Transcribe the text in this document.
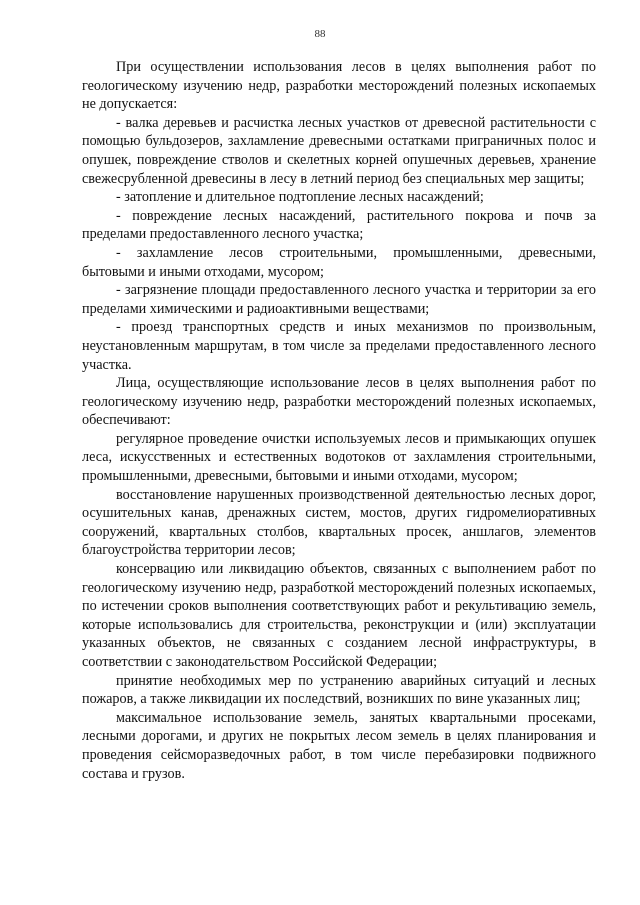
88

При осуществлении использования лесов в целях выполнения работ по геологическому изучению недр, разработки месторождений полезных ископаемых не допускается:

- валка деревьев и расчистка лесных участков от древесной растительности с помощью бульдозеров, захламление древесными остатками приграничных полос и опушек, повреждение стволов и скелетных корней опушечных деревьев, хранение свежесрубленной древесины в лесу в летний период без специальных мер защиты;

- затопление и длительное подтопление лесных насаждений;

- повреждение лесных насаждений, растительного покрова и почв за пределами предоставленного лесного участка;

- захламление лесов строительными, промышленными, древесными, бытовыми и иными отходами, мусором;

- загрязнение площади предоставленного лесного участка и территории за его пределами химическими и радиоактивными веществами;

- проезд транспортных средств и иных механизмов по произвольным, неустановленным маршрутам, в том числе за пределами предоставленного лесного участка.

Лица, осуществляющие использование лесов в целях выполнения работ по геологическому изучению недр, разработки месторождений полезных ископаемых, обеспечивают:

регулярное проведение очистки используемых лесов и примыкающих опушек леса, искусственных и естественных водотоков от захламления строительными, промышленными, древесными, бытовыми и иными отходами, мусором;

восстановление нарушенных производственной деятельностью лесных дорог, осушительных канав, дренажных систем, мостов, других гидромелиоративных сооружений, квартальных столбов, квартальных просек, аншлагов, элементов благоустройства территории лесов;

консервацию или ликвидацию объектов, связанных с выполнением работ по геологическому изучению недр, разработкой месторождений полезных ископаемых, по истечении сроков выполнения соответствующих работ и рекультивацию земель, которые использовались для строительства, реконструкции и (или) эксплуатации указанных объектов, не связанных с созданием лесной инфраструктуры, в соответствии с законодательством Российской Федерации;

принятие необходимых мер по устранению аварийных ситуаций и лесных пожаров, а также ликвидации их последствий, возникших по вине указанных лиц;

максимальное использование земель, занятых квартальными просеками, лесными дорогами, и других не покрытых лесом земель в целях планирования и проведения сейсморазведочных работ, в том числе перебазировки подвижного состава и грузов.
